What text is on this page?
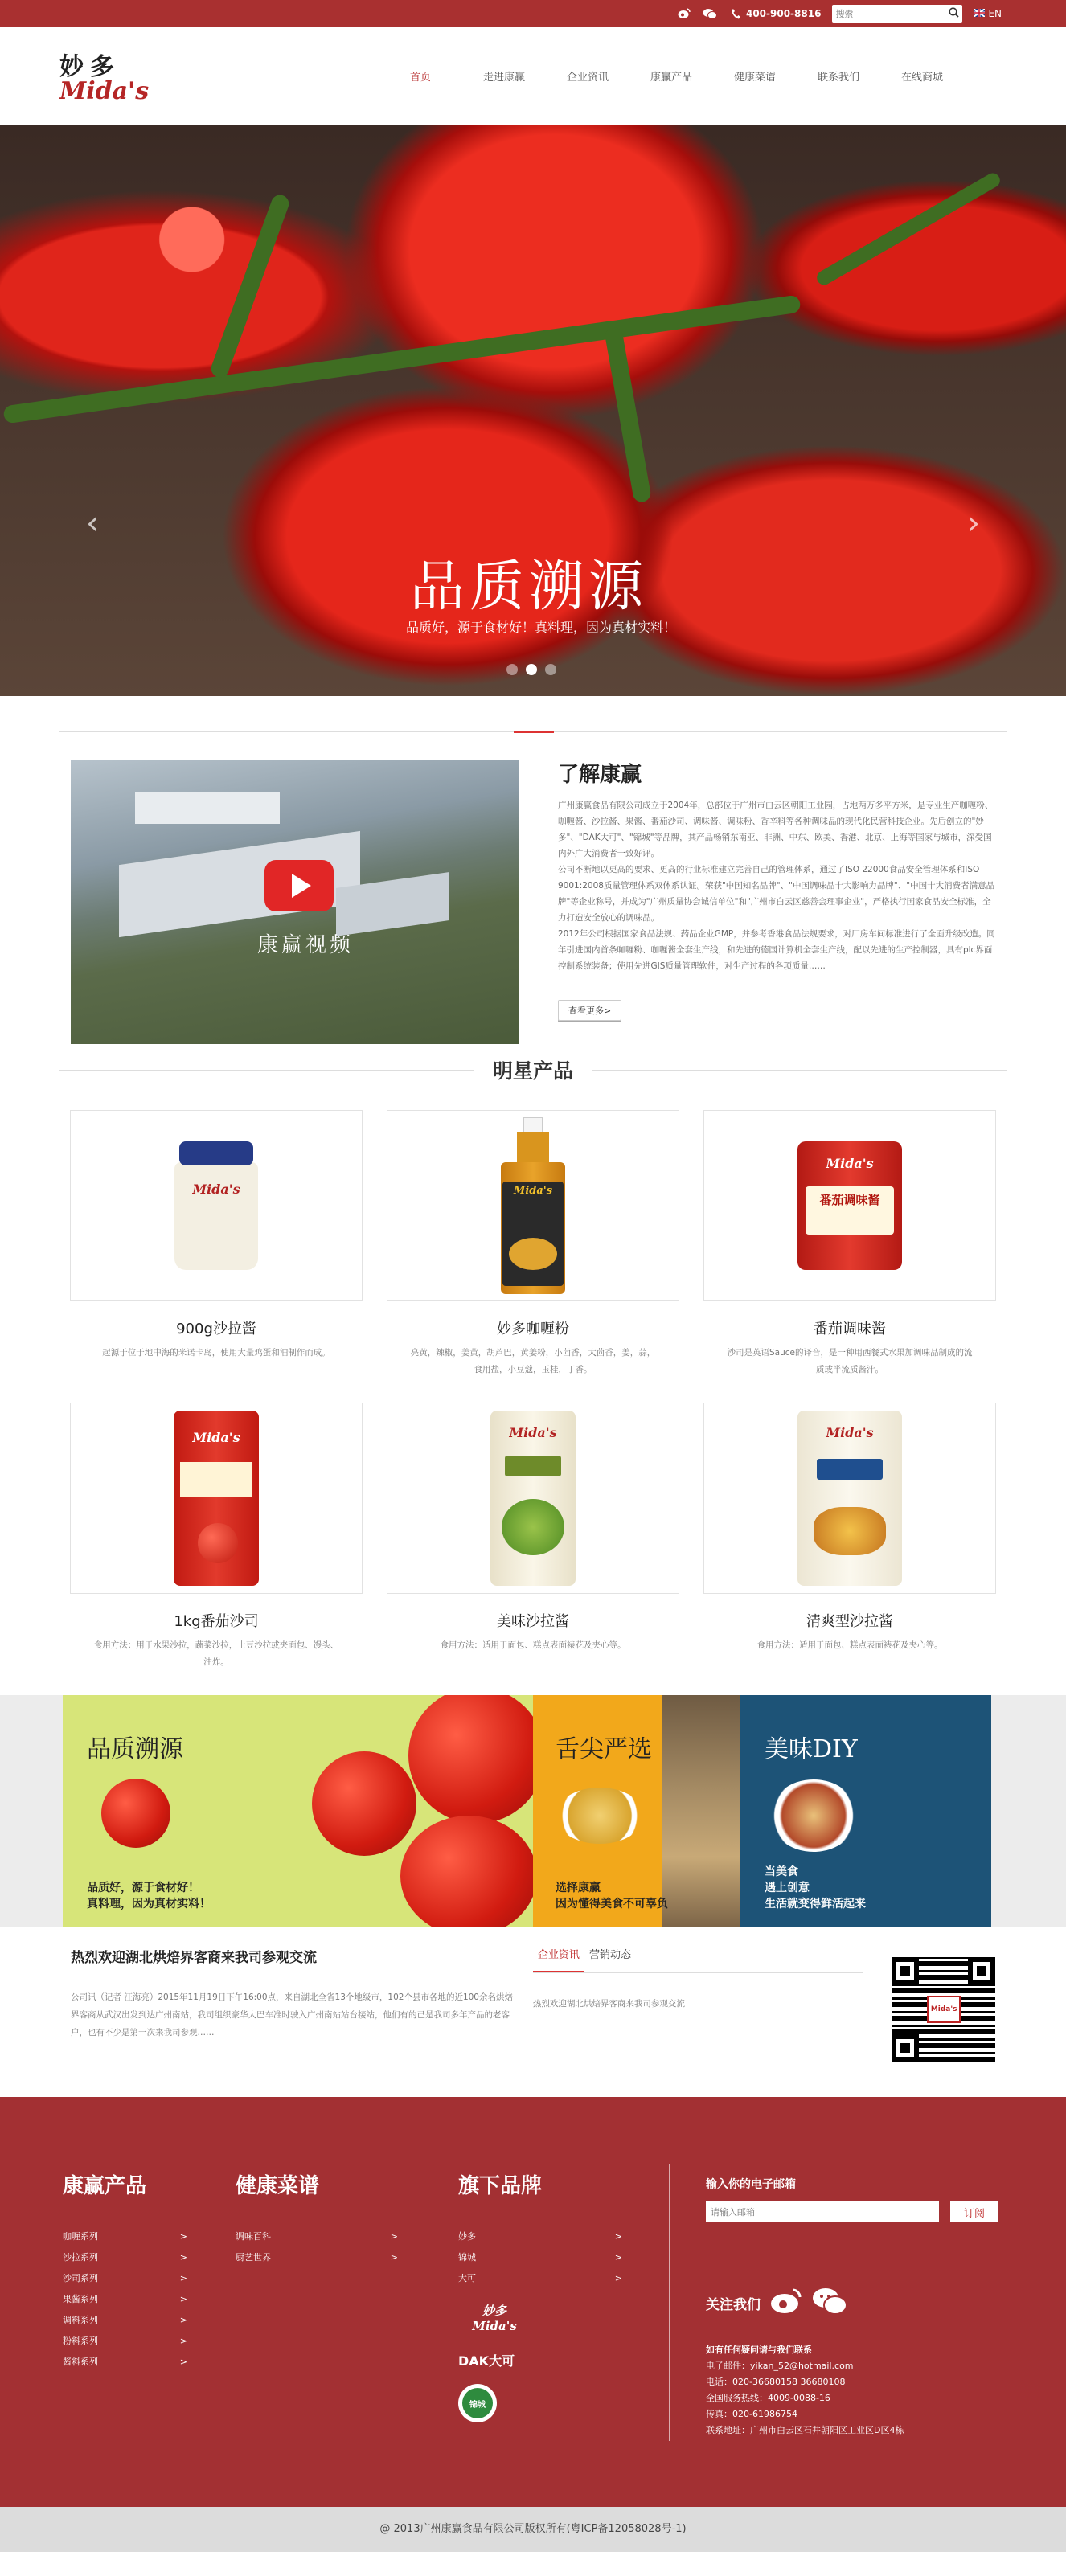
400-900-8816
搜索	EN
妙多
Mida's	首页	走进康赢	企业资讯	康赢产品	健康菜谱	联系我们	在线商城
‹	›
品质溯源
品质好，源于食材好！真料理，因为真材实料！
康赢视频
了解康赢

广州康赢食品有限公司成立于2004年，总部位于广州市白云区朝阳工业园，占地两万多平方米，是专业生产咖喱粉、咖喱酱、沙拉酱、果酱、番茄沙司、调味酱、调味粉、香辛料等各种调味品的现代化民营科技企业。先后创立的"妙多"、"DAK大可"、"锦城"等品牌，其产品畅销东南亚、非洲、中东、欧美、香港、北京、上海等国家与城市，深受国内外广大消费者一致好评。

公司不断地以更高的要求、更高的行业标准建立完善自己的管理体系，通过了ISO 22000食品安全管理体系和ISO 9001:2008质量管理体系双体系认证。荣获"中国知名品牌"、"中国调味品十大影响力品牌"、"中国十大消费者满意品牌"等企业称号，并成为"广州质量协会诚信单位"和"广州市白云区慈善会理事企业"，严格执行国家食品安全标准，全力打造安全放心的调味品。

2012年公司根据国家食品法规、药品企业GMP，并参考香港食品法规要求，对厂房车间标准进行了全面升级改造。同年引进国内首条咖喱粉、咖喱酱全套生产线，和先进的德国计算机全套生产线，配以先进的生产控制器，具有plc界面控制系统装备；使用先进GIS质量管理软件，对生产过程的各项质量……

查看更多>
明星产品
Mida's
900g沙拉酱

起源于位于地中海的米诺卡岛，使用大量鸡蛋和油制作而成。

Mida's
妙多咖喱粉

亮黄，辣椒，姜黄，胡芦巴，黄姜粉，小茴香，大茴香，姜，蒜，食用盐，小豆蔻，玉桂，丁香。

Mida's
番茄调味酱
番茄调味酱

沙司是英语Sauce的译音，是一种用西餐式水果加调味品制成的流质或半流质酱汁。

Mida's
1kg番茄沙司

食用方法：用于水果沙拉，蔬菜沙拉，土豆沙拉或夹面包、馒头、油炸。

Mida's
美味沙拉酱

食用方法：适用于面包、糕点表面裱花及夹心等。

Mida's
清爽型沙拉酱

食用方法：适用于面包、糕点表面裱花及夹心等。

品质溯源
品质好，源于食材好！
真料理，因为真材实料！
舌尖严选
选择康赢
因为懂得美食不可辜负
美味DIY
当美食
遇上创意
生活就变得鲜活起来
热烈欢迎湖北烘焙界客商来我司参观交流

公司讯（记者 汪海亮）2015年11月19日下午16:00点，来自湖北全省13个地级市，102个县市各地的近100余名烘焙界客商从武汉出发到达广州南站，我司组织豪华大巴车准时驶入广州南站站台接站，他们有的已是我司多年产品的老客户，也有不少是第一次来我司参观……

企业资讯 营销动态

热烈欢迎湖北烘焙界客商来我司参观交流

Mida's
康赢产品
咖喱系列	>
沙拉系列	>
沙司系列	>
果酱系列	>
调料系列	>
粉料系列	>
酱料系列	>
健康菜谱
调味百科	>
厨艺世界	>
旗下品牌
妙多	>
锦城	>
大可	>
妙多 Mida's
DAK大可
锦城
输入你的电子邮箱
请输入邮箱
订阅
关注我们
如有任何疑问请与我们联系
电子邮件：yikan_52@hotmail.com
电话：020-36680158 36680108
全国服务热线：4009-0088-16
传真：020-61986754
联系地址：广州市白云区石井朝阳区工业区D区4栋
@ 2013广州康赢食品有限公司版权所有(粤ICP备12058028号-1)
